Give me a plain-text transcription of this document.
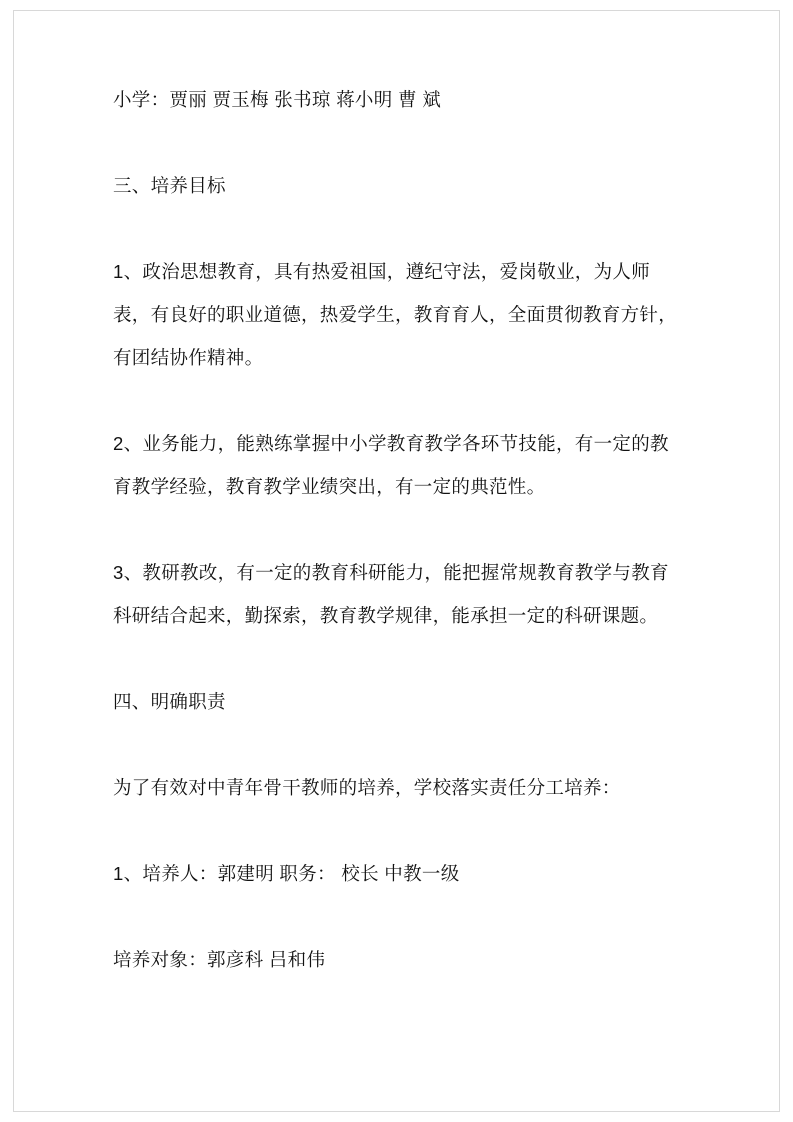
小学：贾丽 贾玉梅 张书琼 蒋小明 曹 斌

三、培养目标

1、政治思想教育，具有热爱祖国，遵纪守法，爱岗敬业，为人师表，有良好的职业道德，热爱学生，教育育人，全面贯彻教育方针，有团结协作精神。

2、业务能力，能熟练掌握中小学教育教学各环节技能，有一定的教育教学经验，教育教学业绩突出，有一定的典范性。

3、教研教改，有一定的教育科研能力，能把握常规教育教学与教育科研结合起来，勤探索，教育教学规律，能承担一定的科研课题。

四、明确职责

为了有效对中青年骨干教师的培养，学校落实责任分工培养：

1、培养人：郭建明 职务： 校长 中教一级

培养对象：郭彦科 吕和伟
